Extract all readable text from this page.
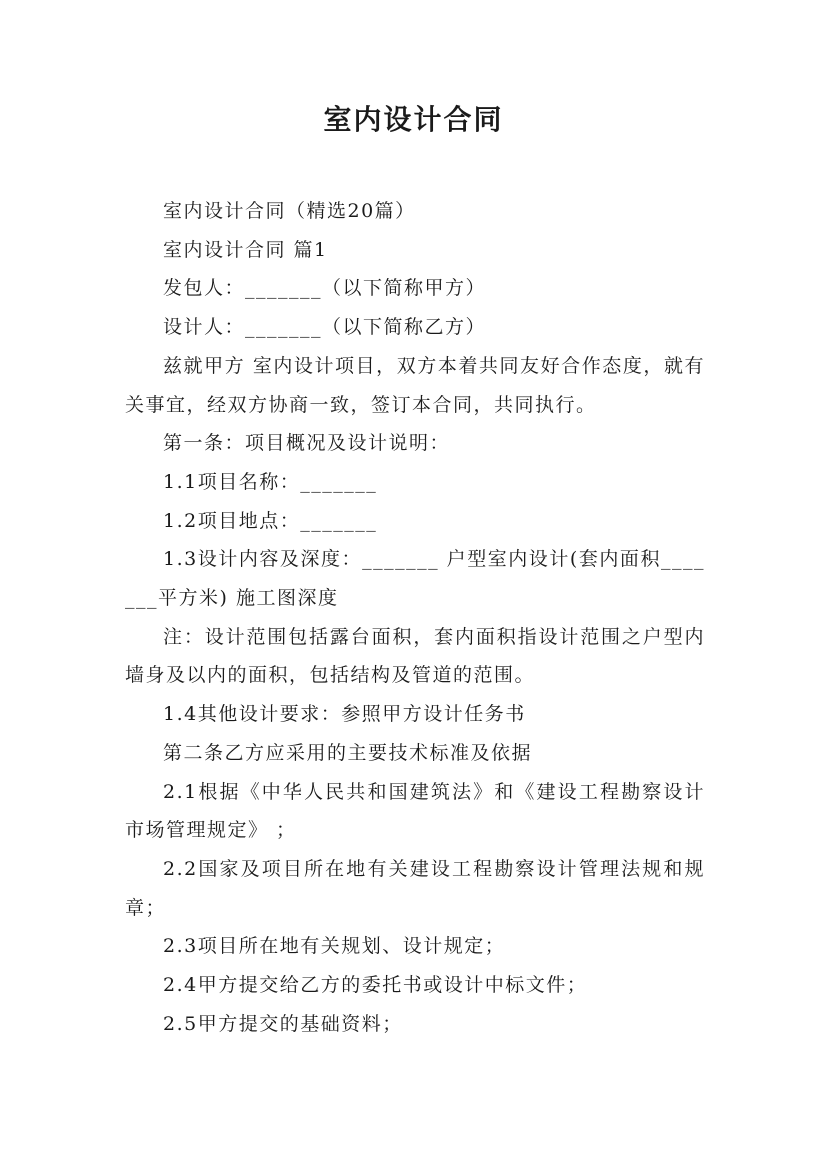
室内设计合同

室内设计合同（精选20篇）

室内设计合同 篇1

发包人：_______（以下简称甲方）

设计人：_______（以下简称乙方）

兹就甲方 室内设计项目，双方本着共同友好合作态度，就有关事宜，经双方协商一致，签订本合同，共同执行。

第一条：项目概况及设计说明：

1.1项目名称：_______

1.2项目地点：_______

1.3设计内容及深度：_______ 户型室内设计(套内面积_______平方米) 施工图深度

注：设计范围包括露台面积，套内面积指设计范围之户型内墙身及以内的面积，包括结构及管道的范围。

1.4其他设计要求：参照甲方设计任务书

第二条乙方应采用的主要技术标准及依据

2.1根据《中华人民共和国建筑法》和《建设工程勘察设计市场管理规定》 ；

2.2国家及项目所在地有关建设工程勘察设计管理法规和规章；

2.3项目所在地有关规划、设计规定；

2.4甲方提交给乙方的委托书或设计中标文件；

2.5甲方提交的基础资料；
